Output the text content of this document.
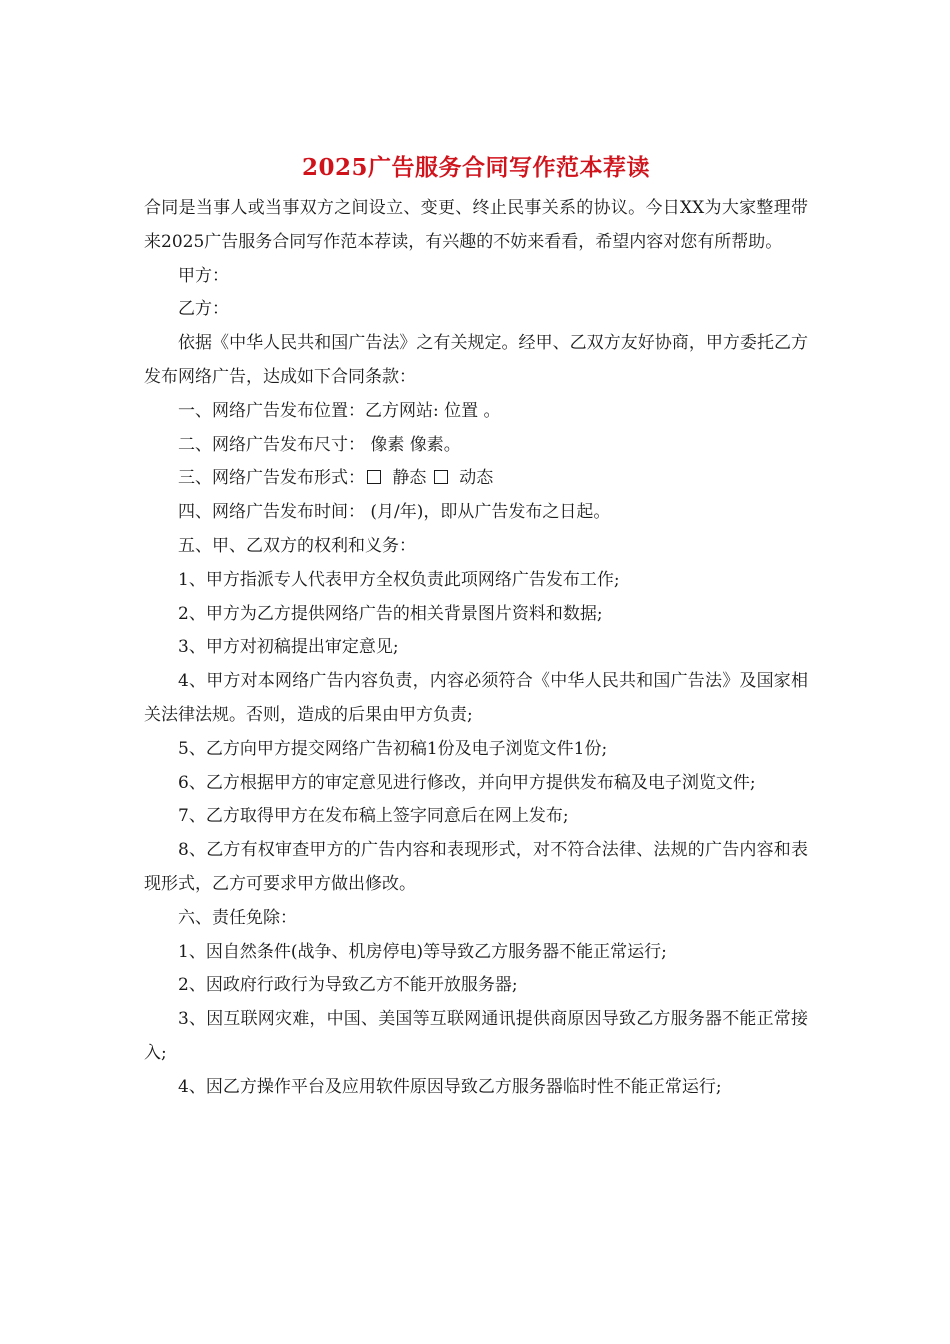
2025广告服务合同写作范本荐读

合同是当事人或当事双方之间设立、变更、终止民事关系的协议。今日XX为大家整理带来2025广告服务合同写作范本荐读，有兴趣的不妨来看看，希望内容对您有所帮助。

甲方：

乙方：

依据《中华人民共和国广告法》之有关规定。经甲、乙双方友好协商，甲方委托乙方发布网络广告，达成如下合同条款：

一、网络广告发布位置：乙方网站: 位置 。

二、网络广告发布尺寸： 像素 像素。

三、网络广告发布形式： 静态  动态

四、网络广告发布时间： (月/年)，即从广告发布之日起。

五、甲、乙双方的权利和义务：

1、甲方指派专人代表甲方全权负责此项网络广告发布工作;

2、甲方为乙方提供网络广告的相关背景图片资料和数据;

3、甲方对初稿提出审定意见;

4、甲方对本网络广告内容负责，内容必须符合《中华人民共和国广告法》及国家相关法律法规。否则，造成的后果由甲方负责;

5、乙方向甲方提交网络广告初稿1份及电子浏览文件1份;

6、乙方根据甲方的审定意见进行修改，并向甲方提供发布稿及电子浏览文件;

7、乙方取得甲方在发布稿上签字同意后在网上发布;

8、乙方有权审查甲方的广告内容和表现形式，对不符合法律、法规的广告内容和表现形式，乙方可要求甲方做出修改。

六、责任免除：

1、因自然条件(战争、机房停电)等导致乙方服务器不能正常运行;

2、因政府行政行为导致乙方不能开放服务器;

3、因互联网灾难，中国、美国等互联网通讯提供商原因导致乙方服务器不能正常接入;

4、因乙方操作平台及应用软件原因导致乙方服务器临时性不能正常运行;
